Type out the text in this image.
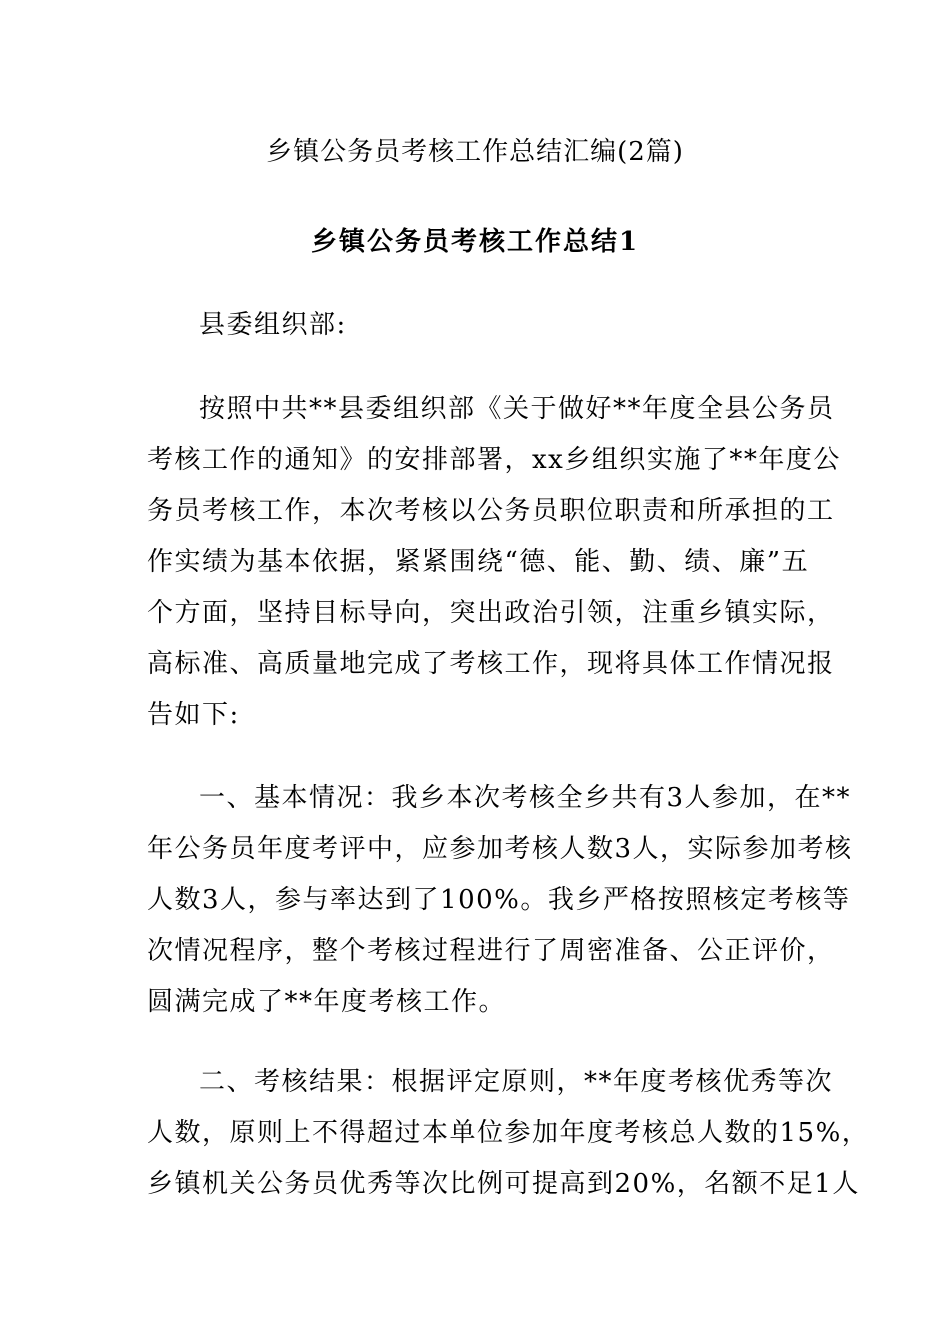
乡镇公务员考核工作总结汇编(2篇)
乡镇公务员考核工作总结1

县委组织部:

按照中共**县委组织部《关于做好**年度全县公务员
考核工作的通知》的安排部署，xx乡组织实施了**年度公
务员考核工作，本次考核以公务员职位职责和所承担的工
作实绩为基本依据，紧紧围绕“德、能、勤、绩、廉”五
个方面，坚持目标导向，突出政治引领，注重乡镇实际，
高标准、高质量地完成了考核工作，现将具体工作情况报
告如下:
一、基本情况：我乡本次考核全乡共有3人参加，在**
年公务员年度考评中，应参加考核人数3人，实际参加考核
人数3人，参与率达到了100%。我乡严格按照核定考核等
次情况程序，整个考核过程进行了周密准备、公正评价，
圆满完成了**年度考核工作。
二、考核结果：根据评定原则，**年度考核优秀等次
人数，原则上不得超过本单位参加年度考核总人数的15%，
乡镇机关公务员优秀等次比例可提高到20%，名额不足1人
